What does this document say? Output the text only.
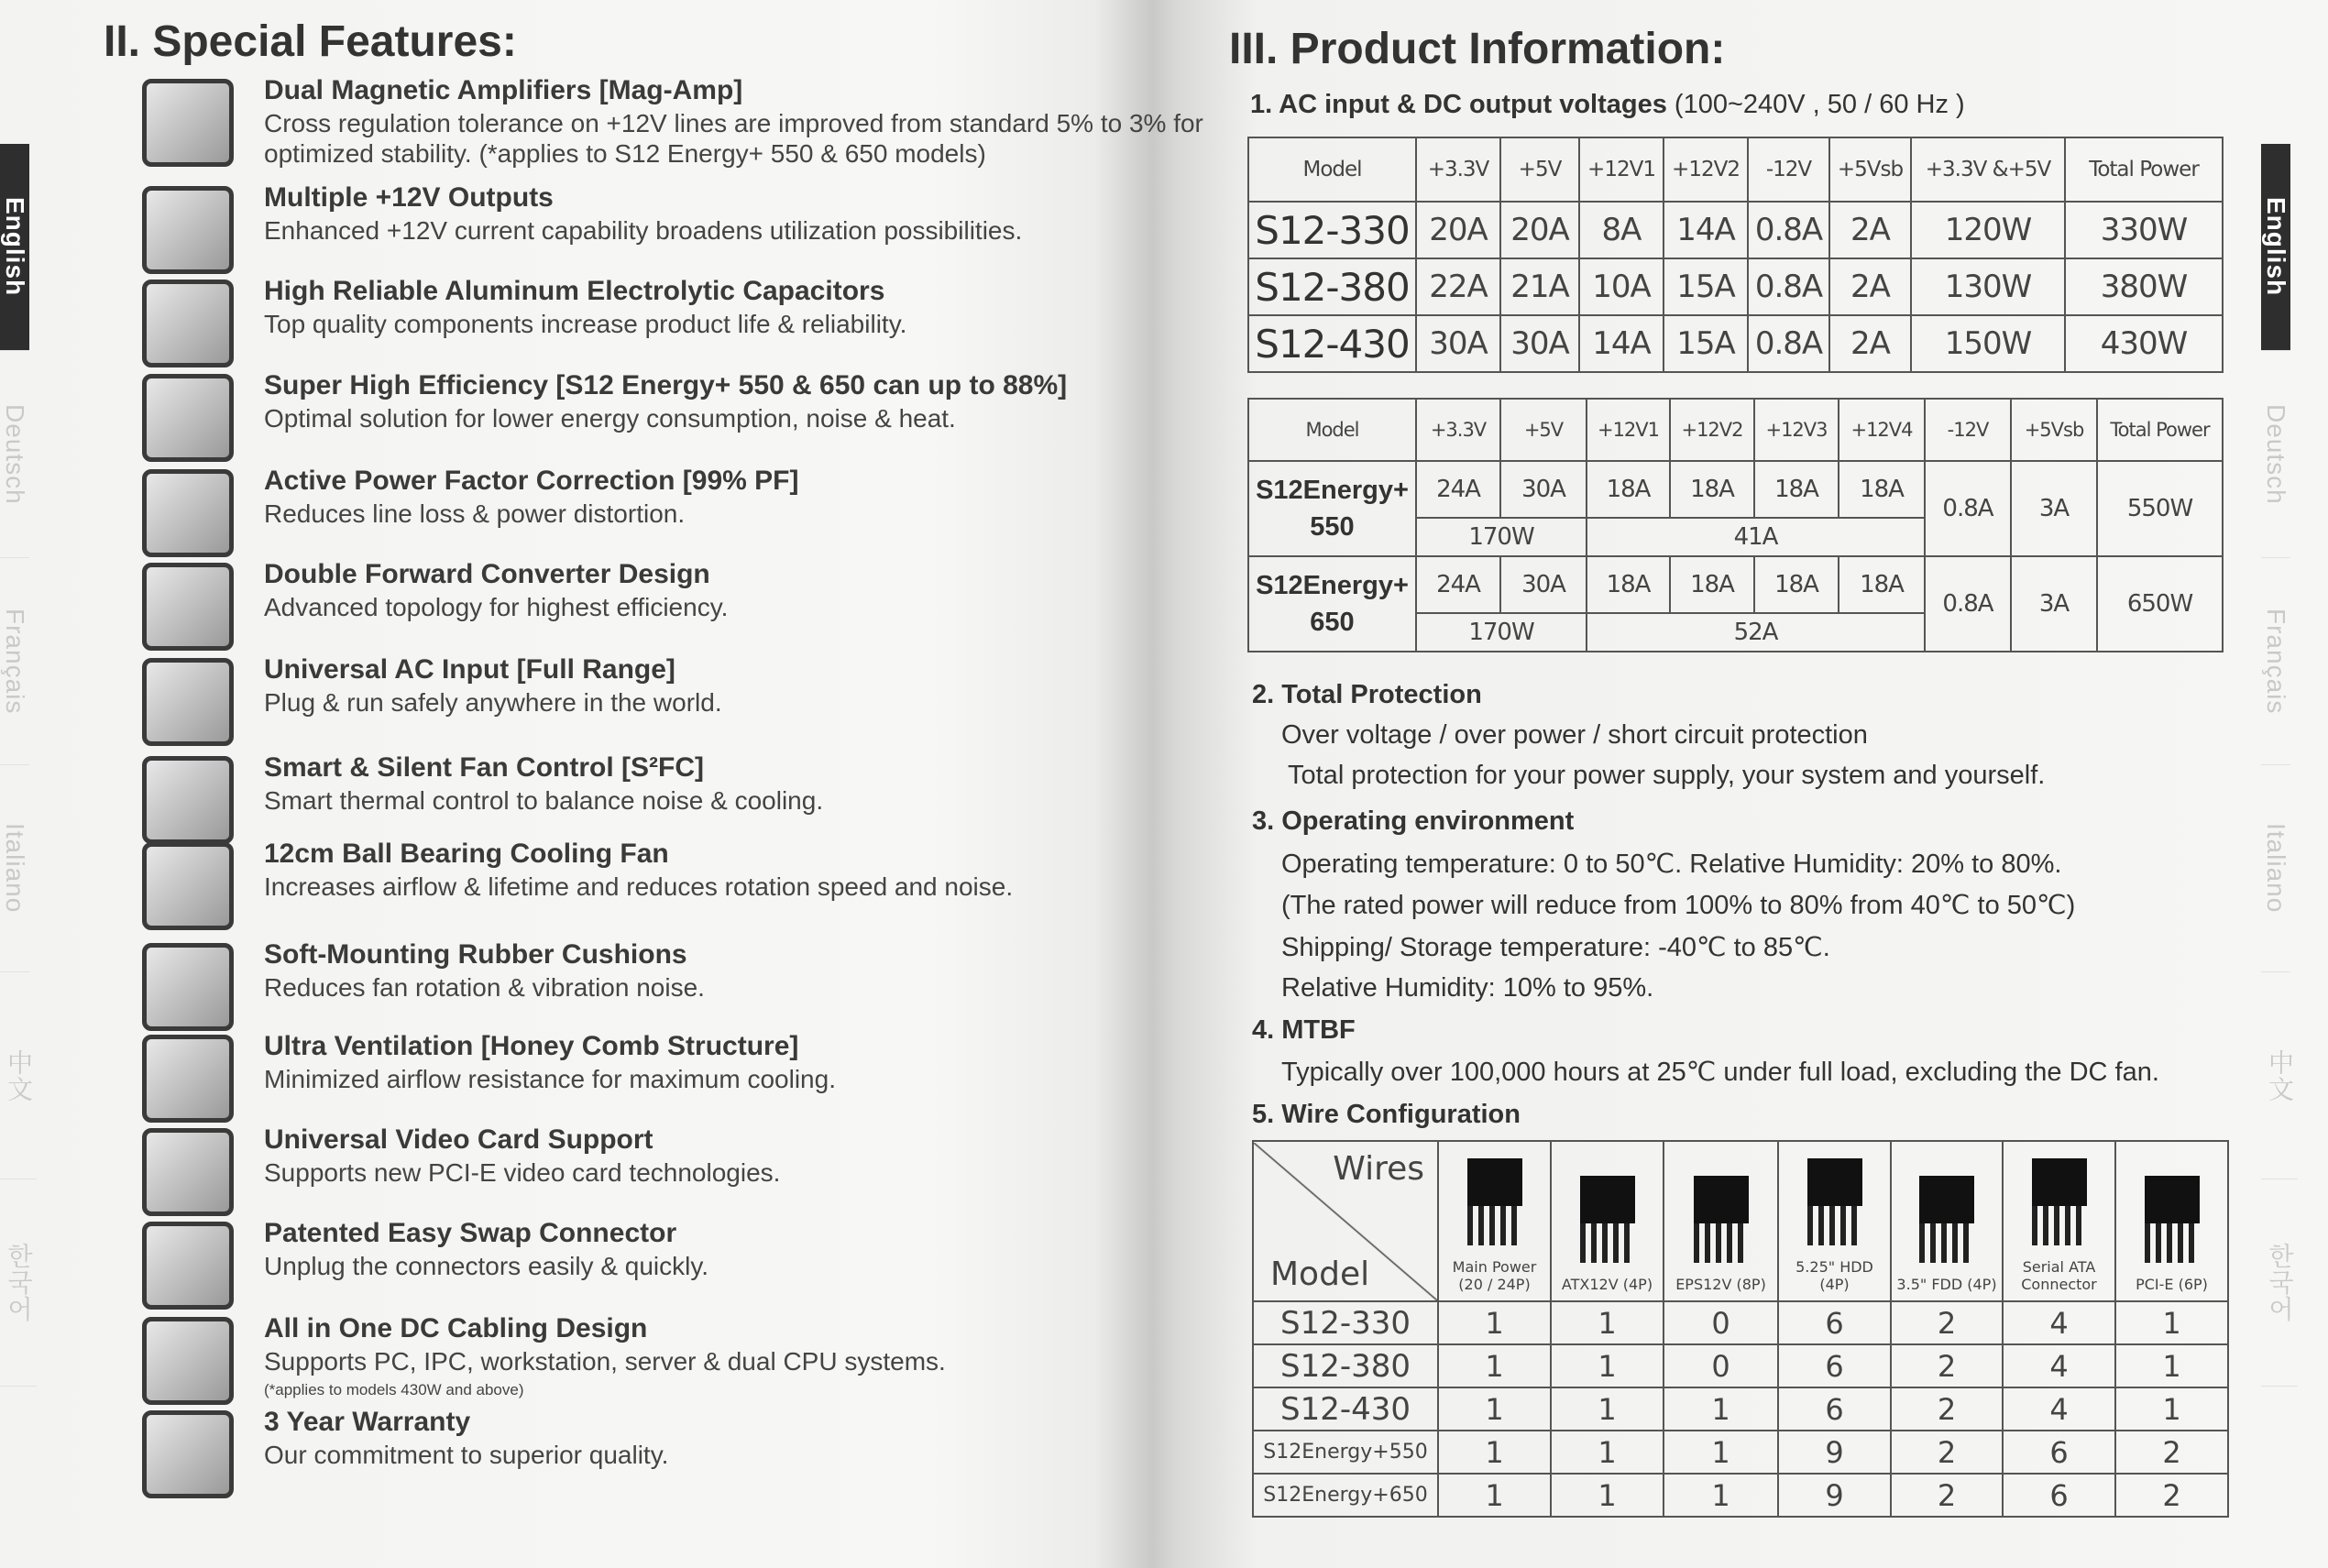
English
Deutsch
Français
Italiano
中文
한국어
English
Deutsch
Français
Italiano
中文
한국어
II. Special Features:
Dual Magnetic Amplifiers [Mag-Amp]
Cross regulation tolerance on +12V lines are improved from standard 5% to 3% for optimized stability. (*applies to S12 Energy+ 550 & 650 models)
Multiple +12V Outputs
Enhanced +12V current capability broadens utilization possibilities.
High Reliable Aluminum Electrolytic Capacitors
Top quality components increase product life & reliability.
Super High Efficiency [S12 Energy+ 550 & 650 can up to 88%]
Optimal solution for lower energy consumption, noise & heat.
Active Power Factor Correction [99% PF]
Reduces line loss & power distortion.
Double Forward Converter Design
Advanced topology for highest efficiency.
Universal AC Input [Full Range]
Plug & run safely anywhere in the world.
Smart & Silent Fan Control [S²FC]
Smart thermal control to balance noise & cooling.
12cm Ball Bearing Cooling Fan
Increases airflow & lifetime and reduces rotation speed and noise.
Soft-Mounting Rubber Cushions
Reduces fan rotation & vibration noise.
Ultra Ventilation [Honey Comb Structure]
Minimized airflow resistance for maximum cooling.
Universal Video Card Support
Supports new PCI-E video card technologies.
Patented Easy Swap Connector
Unplug the connectors easily & quickly.
All in One DC Cabling Design
Supports PC, IPC, workstation, server & dual CPU systems.
(*applies to models 430W and above)
3 Year Warranty
Our commitment to superior quality.
III. Product Information:
1. AC input & DC output voltages (100~240V , 50 / 60 Hz )
Model	+3.3V	+5V	+12V1	+12V2	-12V	+5Vsb	+3.3V &+5V	Total Power
S12-330	20A	20A	8A	14A	0.8A	2A	120W	330W
S12-380	22A	21A	10A	15A	0.8A	2A	130W	380W
S12-430	30A	30A	14A	15A	0.8A	2A	150W	430W
Model	+3.3V	+5V	+12V1	+12V2	+12V3	+12V4	-12V	+5Vsb	Total Power
S12Energy+ 550	24A	30A	18A	18A	18A	18A	0.8A	3A	550W
	170W		41A						
S12Energy+ 650	24A	30A	18A	18A	18A	18A	0.8A	3A	650W
	170W		52A						
2. Total Protection
Over voltage / over power / short circuit protection
Total protection for your power supply, your system and yourself.
3. Operating environment
Operating temperature: 0 to 50℃. Relative Humidity: 20% to 80%.
(The rated power will reduce from 100% to 80% from 40℃ to 50℃)
Shipping/ Storage temperature: -40℃ to 85℃.
Relative Humidity: 10% to 95%.
4. MTBF
Typically over 100,000 hours at 25℃ under full load, excluding the DC fan.
5. Wire Configuration
Wires
Model	Main Power (20 / 24P)	ATX12V (4P)	EPS12V (8P)	5.25" HDD (4P)	3.5" FDD (4P)	Serial ATA Connector	PCI-E (6P)

S12-330	1	1	0	6	2	4	1
S12-380	1	1	0	6	2	4	1
S12-430	1	1	1	6	2	4	1
S12Energy+550	1	1	1	9	2	6	2
S12Energy+650	1	1	1	9	2	6	2
